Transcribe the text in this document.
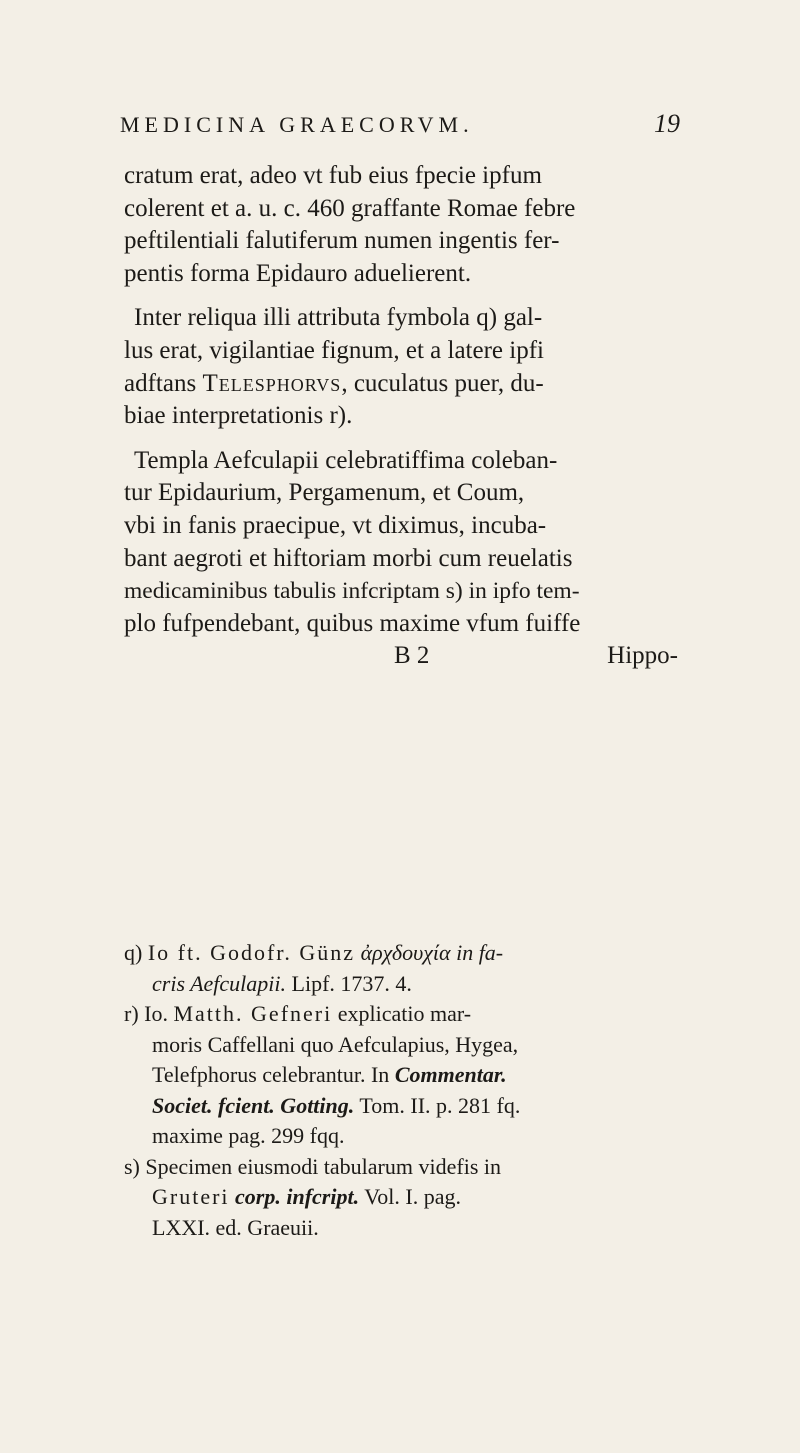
MEDICINA GRAECORVM.	19
cratum erat, adeo vt fub eius fpecie ipfum
colerent et a. u. c. 460 graffante Romae febre
peftilentiali falutiferum numen ingentis fer-
pentis forma Epidauro aduelierent.
Inter reliqua illi attributa fymbola q) gal-
lus erat, vigilantiae fignum, et a latere ipfi
adftans Telesphorvs, cuculatus puer, du-
biae interpretationis r).
Templa Aefculapii celebratiffima coleban-
tur Epidaurium, Pergamenum, et Coum,
vbi in fanis praecipue, vt diximus, incuba-
bant aegroti et hiftoriam morbi cum reuelatis
medicaminibus tabulis infcriptam s) in ipfo tem-
plo fufpendebant, quibus maxime vfum fuiffe
B 2	Hippo-
q) Io ft. Godofr. Günz ἀρχδουχία in fa-
cris Aefculapii. Lipf. 1737. 4.
r) Io. Matth. Gefneri explicatio mar-
moris Caffellani quo Aefculapius, Hygea,
Telefphorus celebrantur. In Commentar.
Societ. fcient. Gotting. Tom. II. p. 281 fq.
maxime pag. 299 fqq.
s) Specimen eiusmodi tabularum videfis in
Gruteri corp. infcript. Vol. I. pag.
LXXI. ed. Graeuii.
